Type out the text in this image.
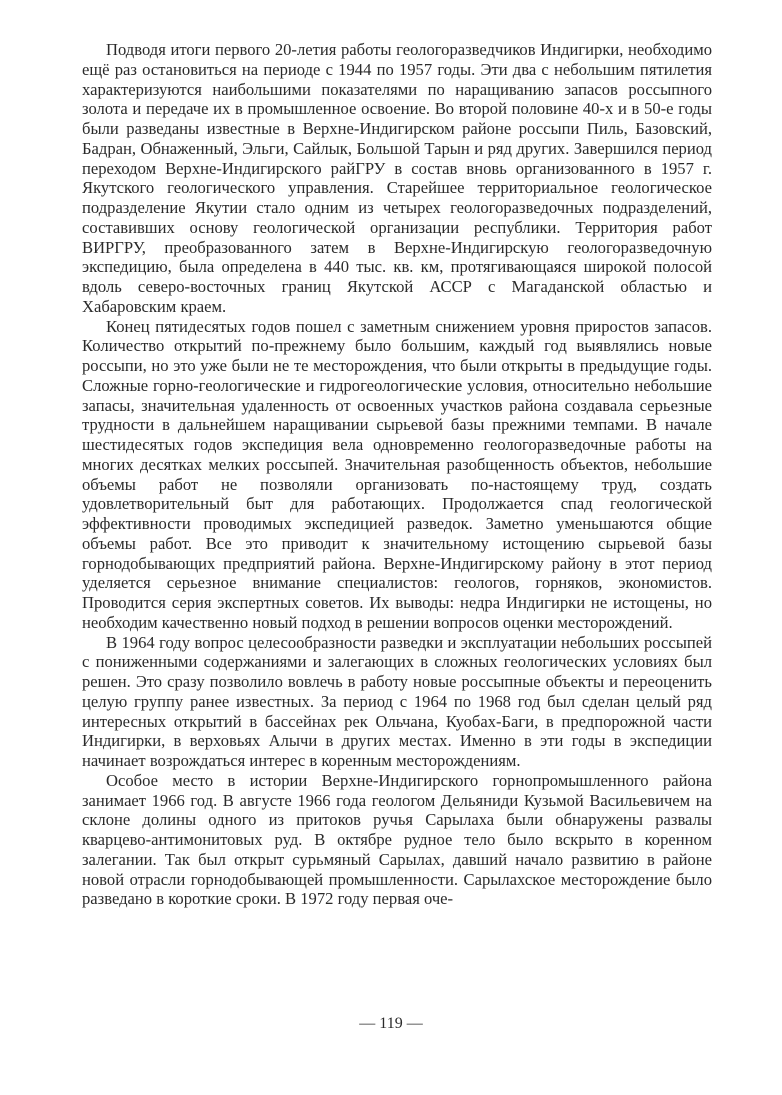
Подводя итоги первого 20-летия работы геологоразведчиков Индигирки, необходимо ещё раз остановиться на периоде с 1944 по 1957 годы. Эти два с небольшим пятилетия характеризуются наибольшими показателями по наращиванию запасов россыпного золота и передаче их в промышленное освоение. Во второй половине 40-х и в 50-е годы были разведаны известные в Верхне-Индигирском районе россыпи Пиль, Базовский, Бадран, Обнаженный, Эльги, Сайлык, Большой Тарын и ряд других. Завершился период переходом Верхне-Индигирского райГРУ в состав вновь организованного в 1957 г. Якутского геологического управления. Старейшее территориальное геологическое подразделение Якутии стало одним из четырех геологоразведочных подразделений, составивших основу геологической организации республики. Территория работ ВИРГРУ, преобразованного затем в Верхне-Индигирскую геологоразведочную экспедицию, была определена в 440 тыс. кв. км, протягивающаяся широкой полосой вдоль северо-восточных границ Якутской АССР с Магаданской областью и Хабаровским краем.

Конец пятидесятых годов пошел с заметным снижением уровня приростов запасов. Количество открытий по-прежнему было большим, каждый год выявлялись новые россыпи, но это уже были не те месторождения, что были открыты в предыдущие годы. Сложные горно-геологические и гидрогеологические условия, относительно небольшие запасы, значительная удаленность от освоенных участков района создавала серьезные трудности в дальнейшем наращивании сырьевой базы прежними темпами. В начале шестидесятых годов экспедиция вела одновременно геологоразведочные работы на многих десятках мелких россыпей. Значительная разобщенность объектов, небольшие объемы работ не позволяли организовать по-настоящему труд, создать удовлетворительный быт для работающих. Продолжается спад геологической эффективности проводимых экспедицией разведок. Заметно уменьшаются общие объемы работ. Все это приводит к значительному истощению сырьевой базы горнодобывающих предприятий района. Верхне-Индигирскому району в этот период уделяется серьезное внимание специалистов: геологов, горняков, экономистов. Проводится серия экспертных советов. Их выводы: недра Индигирки не истощены, но необходим качественно новый подход в решении вопросов оценки месторождений.

В 1964 году вопрос целесообразности разведки и эксплуатации небольших россыпей с пониженными содержаниями и залегающих в сложных геологических условиях был решен. Это сразу позволило вовлечь в работу новые россыпные объекты и переоценить целую группу ранее известных. За период с 1964 по 1968 год был сделан целый ряд интересных открытий в бассейнах рек Ольчана, Куобах-Баги, в предпорожной части Индигирки, в верховьях Алычи в других местах. Именно в эти годы в экспедиции начинает возрождаться интерес в коренным месторождениям.

Особое место в истории Верхне-Индигирского горнопромышленного района занимает 1966 год. В августе 1966 года геологом Дельяниди Кузьмой Васильевичем на склоне долины одного из притоков ручья Сарылаха были обнаружены развалы кварцево-антимонитовых руд. В октябре рудное тело было вскрыто в коренном залегании. Так был открыт сурьмяный Сарылах, давший начало развитию в районе новой отрасли горнодобывающей промышленности. Сарылахское месторождение было разведано в короткие сроки. В 1972 году первая оче-

— 119 —
